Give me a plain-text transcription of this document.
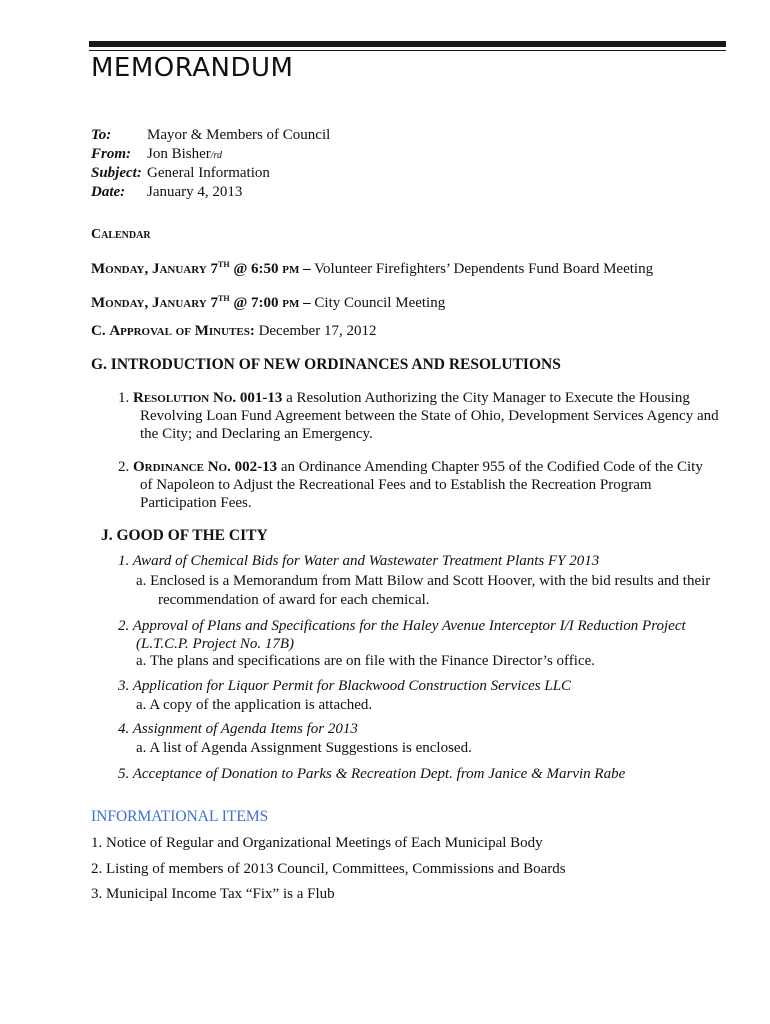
MEMORANDUM
To:	Mayor & Members of Council
From:	Jon Bisher/rd
Subject: General Information
Date:	January 4, 2013
Calendar
Monday, January 7TH @ 6:50 pm – Volunteer Firefighters’ Dependents Fund Board Meeting
Monday, January 7TH @ 7:00 pm – City Council Meeting
C. Approval of Minutes: December 17, 2012
G. INTRODUCTION OF NEW ORDINANCES AND RESOLUTIONS
1. Resolution No. 001-13 a Resolution Authorizing the City Manager to Execute the Housing
Revolving Loan Fund Agreement between the State of Ohio, Development Services Agency and
the City; and Declaring an Emergency.
2. Ordinance No. 002-13 an Ordinance Amending Chapter 955 of the Codified Code of the City
of Napoleon to Adjust the Recreational Fees and to Establish the Recreation Program
Participation Fees.
J. GOOD OF THE CITY
1. Award of Chemical Bids for Water and Wastewater Treatment Plants FY 2013
a. Enclosed is a Memorandum from Matt Bilow and Scott Hoover, with the bid results and their
recommendation of award for each chemical.
2. Approval of Plans and Specifications for the Haley Avenue Interceptor I/I Reduction Project
(L.T.C.P. Project No. 17B)
a. The plans and specifications are on file with the Finance Director’s office.
3. Application for Liquor Permit for Blackwood Construction Services LLC
a. A copy of the application is attached.
4. Assignment of Agenda Items for 2013
a. A list of Agenda Assignment Suggestions is enclosed.
5. Acceptance of Donation to Parks & Recreation Dept. from Janice & Marvin Rabe
INFORMATIONAL ITEMS
1. Notice of Regular and Organizational Meetings of Each Municipal Body
2. Listing of members of 2013 Council, Committees, Commissions and Boards
3. Municipal Income Tax “Fix” is a Flub
